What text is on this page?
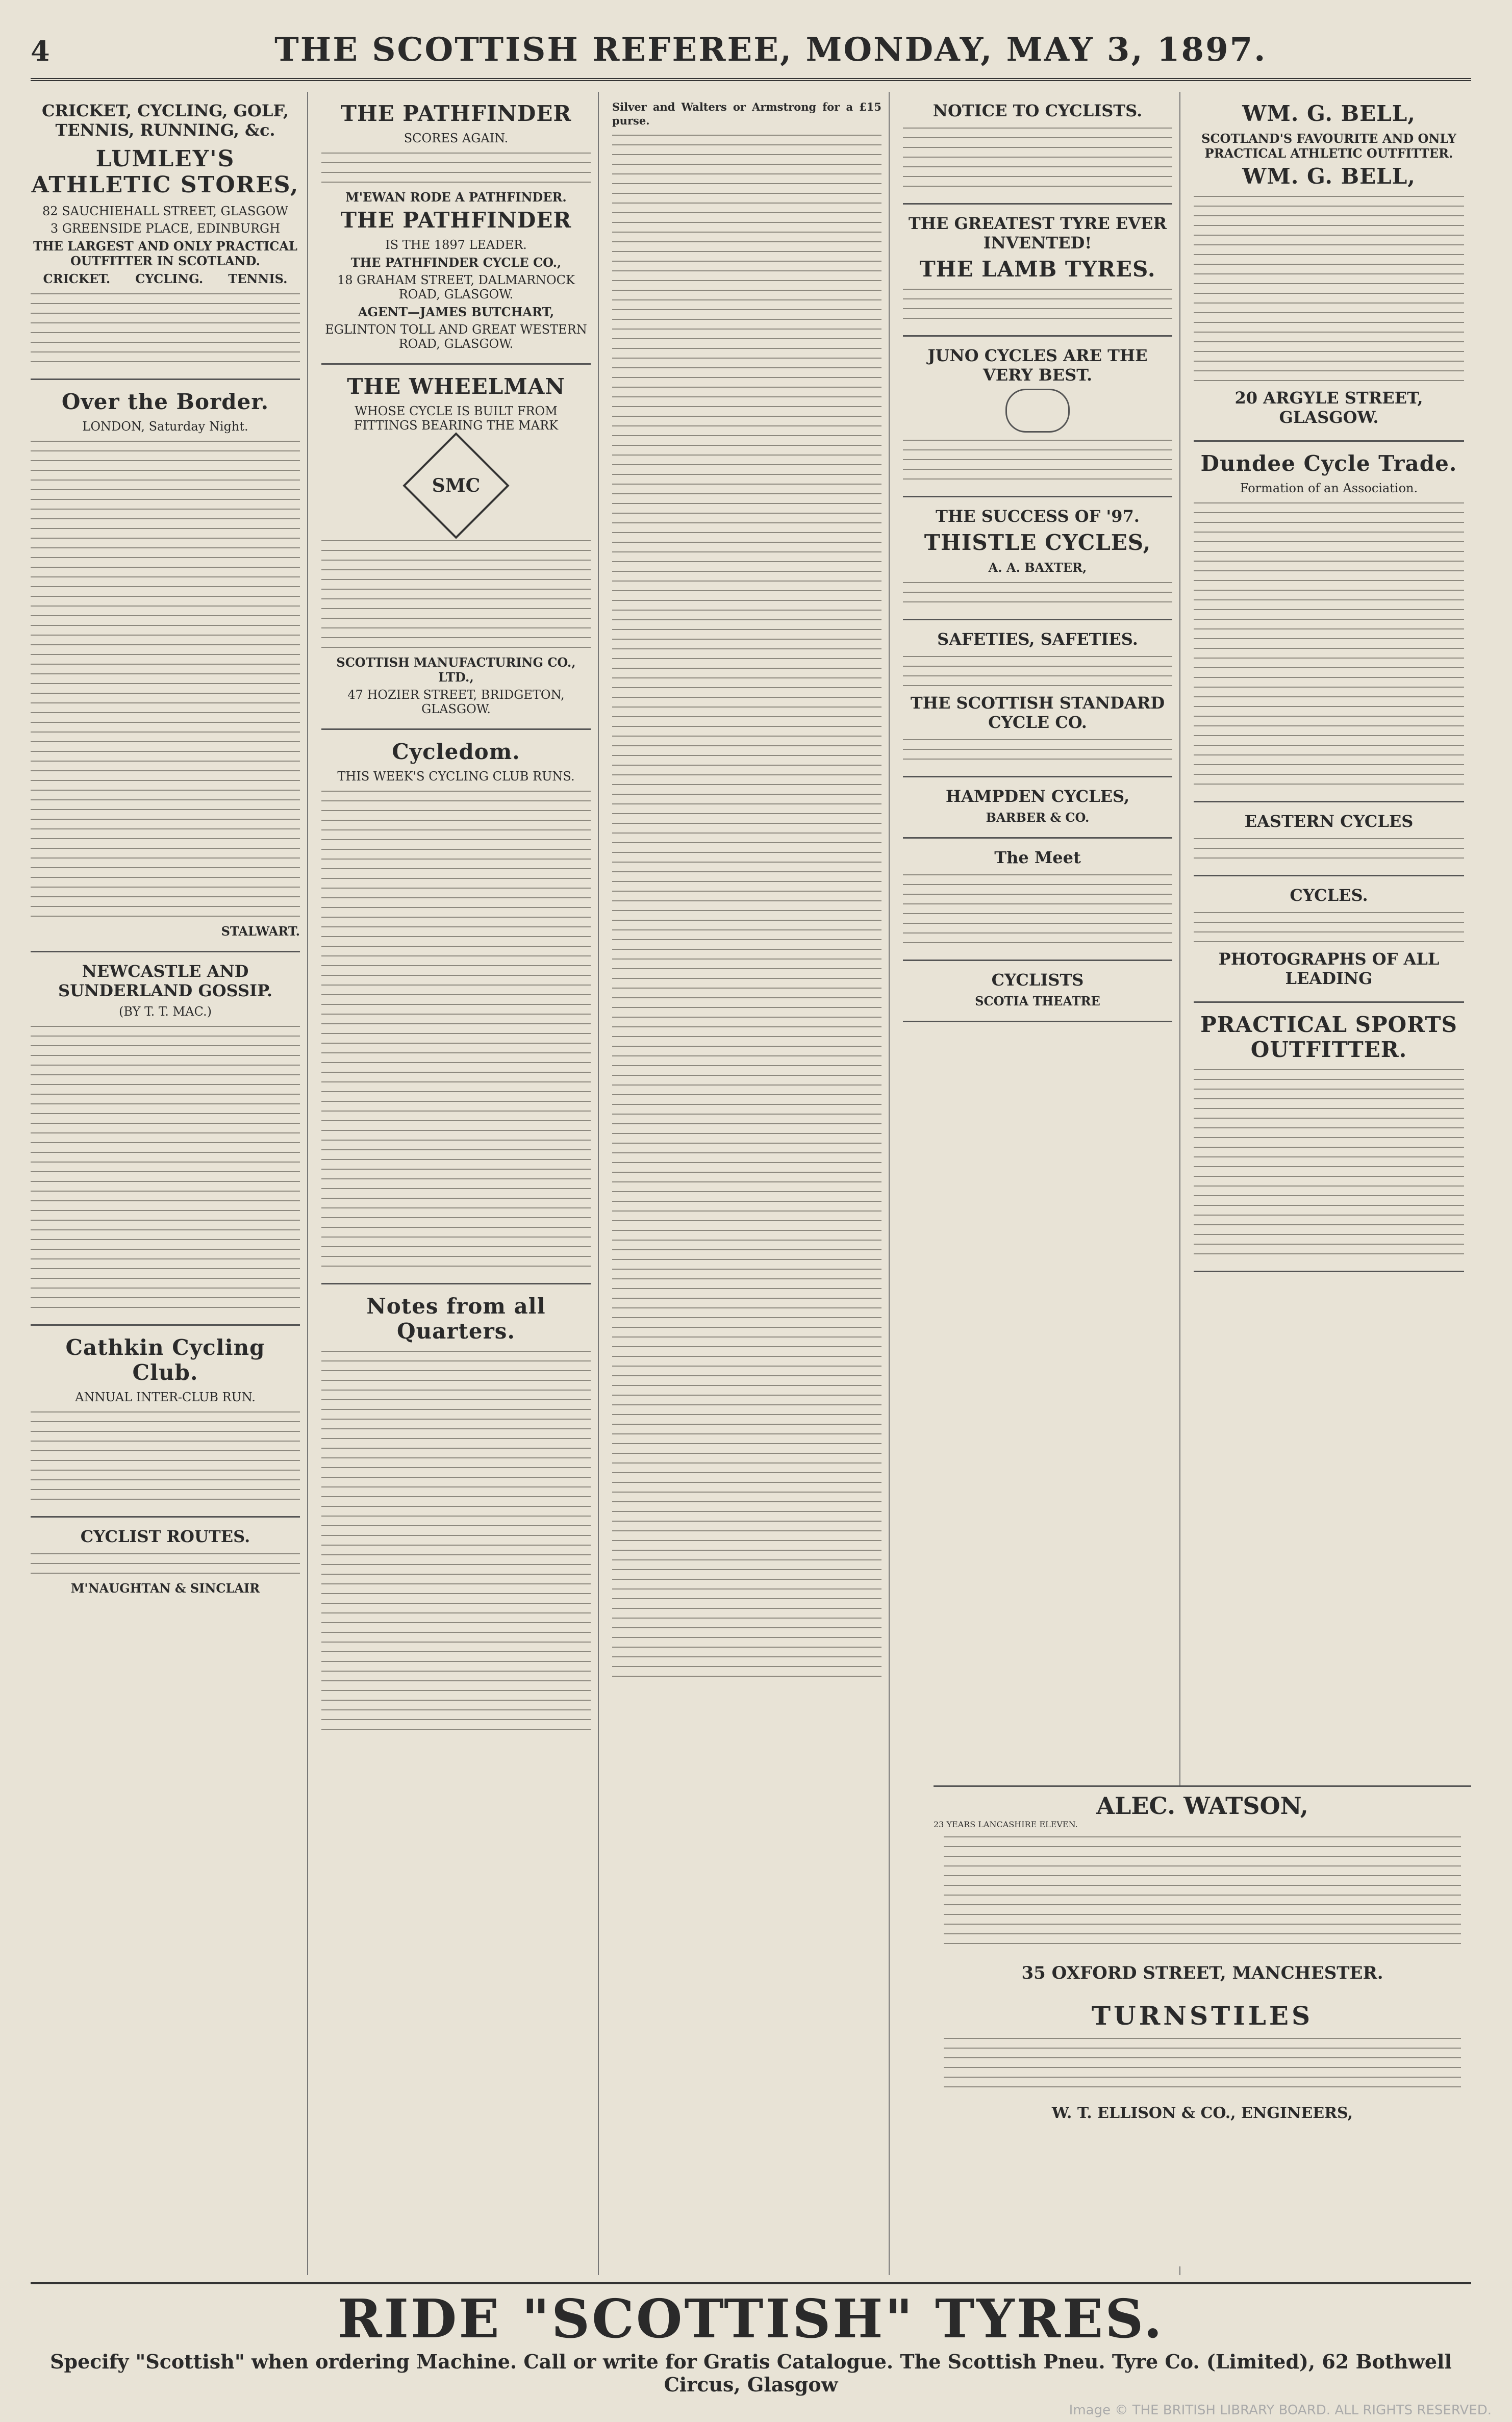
4	THE SCOTTISH REFEREE, MONDAY, MAY 3, 1897.
CRICKET, CYCLING, GOLF, TENNIS, RUNNING, &c.
LUMLEY'S ATHLETIC STORES,
82 SAUCHIEHALL STREET, GLASGOW
3 GREENSIDE PLACE, EDINBURGH
THE LARGEST AND ONLY PRACTICAL OUTFITTER IN SCOTLAND.
CRICKET. CYCLING. TENNIS.
Over the Border.
LONDON, Saturday Night.
STALWART.
NEWCASTLE AND SUNDERLAND GOSSIP.
(BY T. T. MAC.)
Cathkin Cycling Club.
ANNUAL INTER-CLUB RUN.
CYCLIST ROUTES.
M'NAUGHTAN & SINCLAIR
THE PATHFINDER
SCORES AGAIN.
M'EWAN RODE A PATHFINDER.
THE PATHFINDER
IS THE 1897 LEADER.
THE PATHFINDER CYCLE CO.,
18 GRAHAM STREET, DALMARNOCK ROAD, GLASGOW.
AGENT—JAMES BUTCHART,
EGLINTON TOLL AND GREAT WESTERN ROAD, GLASGOW.
THE WHEELMAN
WHOSE CYCLE IS BUILT FROM FITTINGS BEARING THE MARK
SMC
SCOTTISH MANUFACTURING CO., LTD.,
47 HOZIER STREET, BRIDGETON, GLASGOW.
Cycledom.
THIS WEEK'S CYCLING CLUB RUNS.
Notes from all Quarters.
Silver and Walters or Armstrong for a £15 purse.
NOTICE TO CYCLISTS.
THE GREATEST TYRE EVER INVENTED!
THE LAMB TYRES.
JUNO CYCLES ARE THE VERY BEST.
THE SUCCESS OF '97.
THISTLE CYCLES,
A. A. BAXTER,
SAFETIES, SAFETIES.
THE SCOTTISH STANDARD CYCLE CO.
HAMPDEN CYCLES,
BARBER & CO.
The Meet
CYCLISTS
SCOTIA THEATRE
WM. G. BELL,
SCOTLAND'S FAVOURITE AND ONLY PRACTICAL ATHLETIC OUTFITTER.
WM. G. BELL,
20 ARGYLE STREET, GLASGOW.
Dundee Cycle Trade.
Formation of an Association.
EASTERN CYCLES
CYCLES.
PHOTOGRAPHS OF ALL LEADING
PRACTICAL SPORTS OUTFITTER.
ALEC. WATSON,
23 YEARS LANCASHIRE ELEVEN.
35 OXFORD STREET, MANCHESTER.
TURNSTILES
W. T. ELLISON & CO., ENGINEERS,
RIDE "SCOTTISH" TYRES.
Specify "Scottish" when ordering Machine. Call or write for Gratis Catalogue. The Scottish Pneu. Tyre Co. (Limited), 62 Bothwell Circus, Glasgow
Image © THE BRITISH LIBRARY BOARD. ALL RIGHTS RESERVED.
